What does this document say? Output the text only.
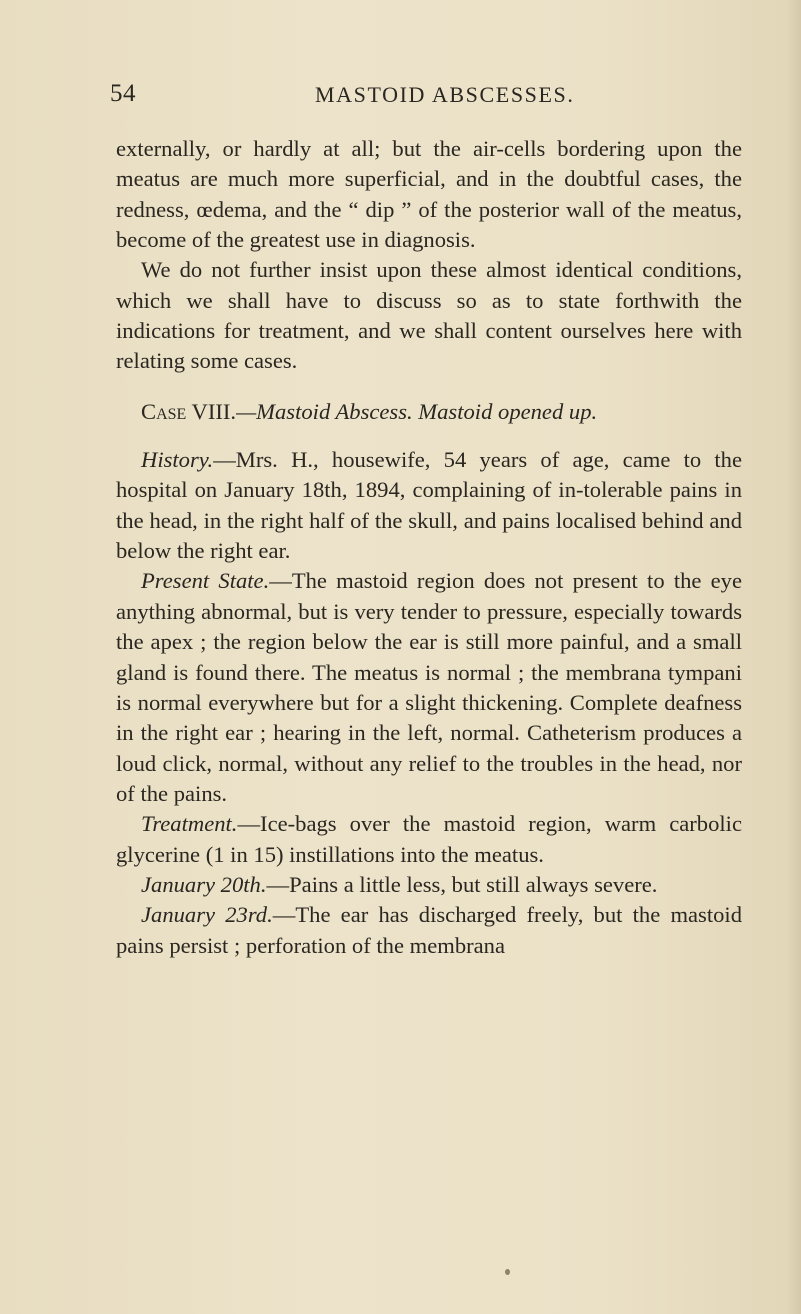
54	MASTOID ABSCESSES.

externally, or hardly at all; but the air-cells bordering upon the meatus are much more superficial, and in the doubtful cases, the redness, œdema, and the “ dip ” of the posterior wall of the meatus, become of the greatest use in diagnosis.

We do not further insist upon these almost identical conditions, which we shall have to discuss so as to state forthwith the indications for treatment, and we shall content ourselves here with relating some cases.

Case VIII.—Mastoid Abscess. Mastoid opened up.

History.—Mrs. H., housewife, 54 years of age, came to the hospital on January 18th, 1894, complaining of in-tolerable pains in the head, in the right half of the skull, and pains localised behind and below the right ear.

Present State.—The mastoid region does not present to the eye anything abnormal, but is very tender to pressure, especially towards the apex ; the region below the ear is still more painful, and a small gland is found there. The meatus is normal ; the membrana tympani is normal everywhere but for a slight thickening. Complete deafness in the right ear ; hearing in the left, normal. Catheterism produces a loud click, normal, without any relief to the troubles in the head, nor of the pains.

Treatment.—Ice-bags over the mastoid region, warm carbolic glycerine (1 in 15) instillations into the meatus.

January 20th.—Pains a little less, but still always severe.

January 23rd.—The ear has discharged freely, but the mastoid pains persist ; perforation of the membrana
